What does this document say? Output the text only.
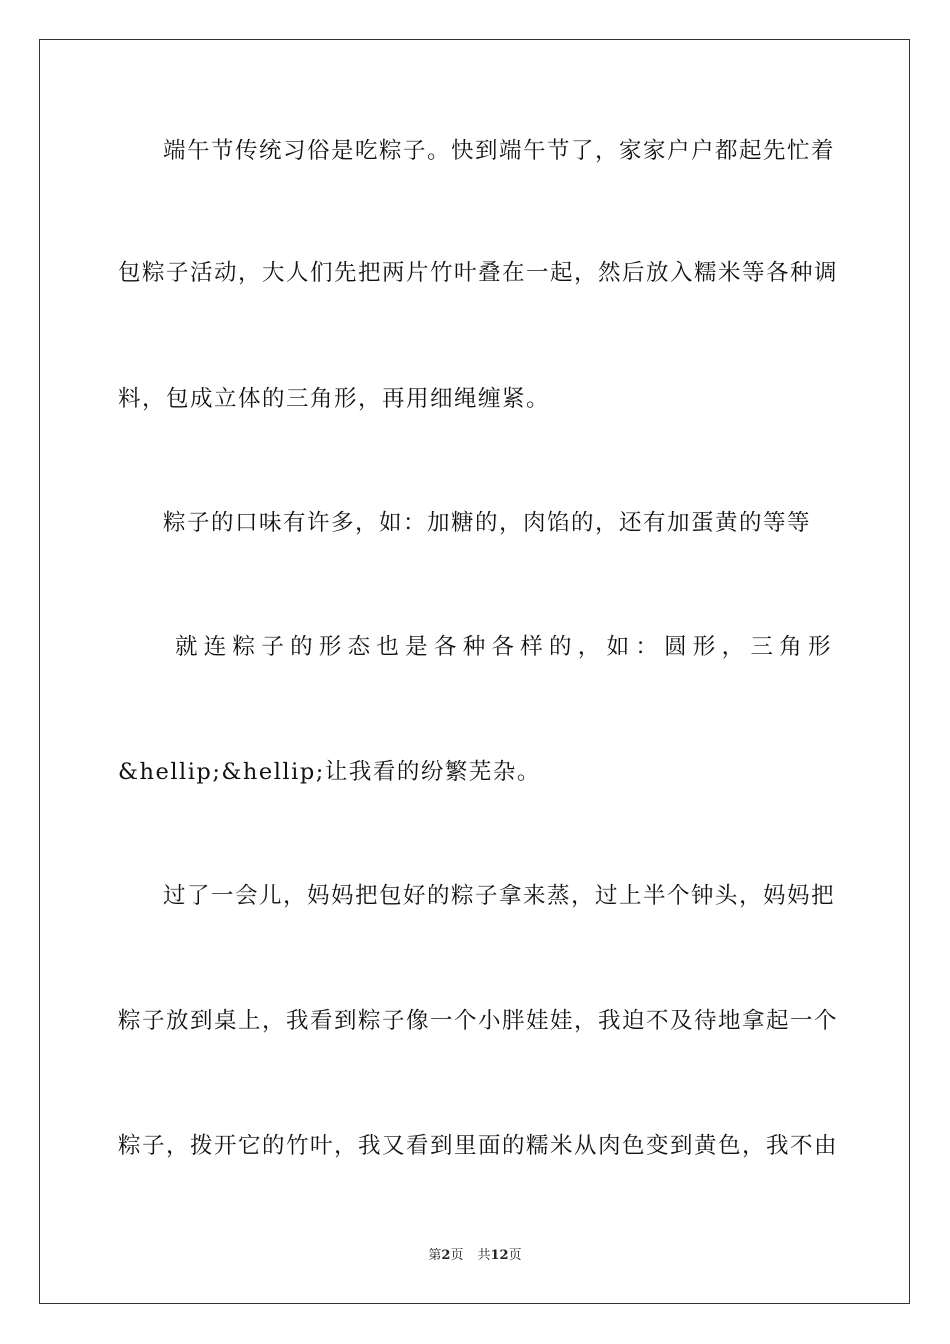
端午节传统习俗是吃粽子。快到端午节了，家家户户都起先忙着
包粽子活动，大人们先把两片竹叶叠在一起，然后放入糯米等各种调
料，包成立体的三角形，再用细绳缠紧。
粽子的口味有许多，如：加糖的，肉馅的，还有加蛋黄的等等
就连粽子的形态也是各种各样的，如：圆形，三角形
&hellip;&hellip;让我看的纷繁芜杂。
过了一会儿，妈妈把包好的粽子拿来蒸，过上半个钟头，妈妈把
粽子放到桌上，我看到粽子像一个小胖娃娃，我迫不及待地拿起一个
粽子，拨开它的竹叶，我又看到里面的糯米从肉色变到黄色，我不由
第2页 共12页
